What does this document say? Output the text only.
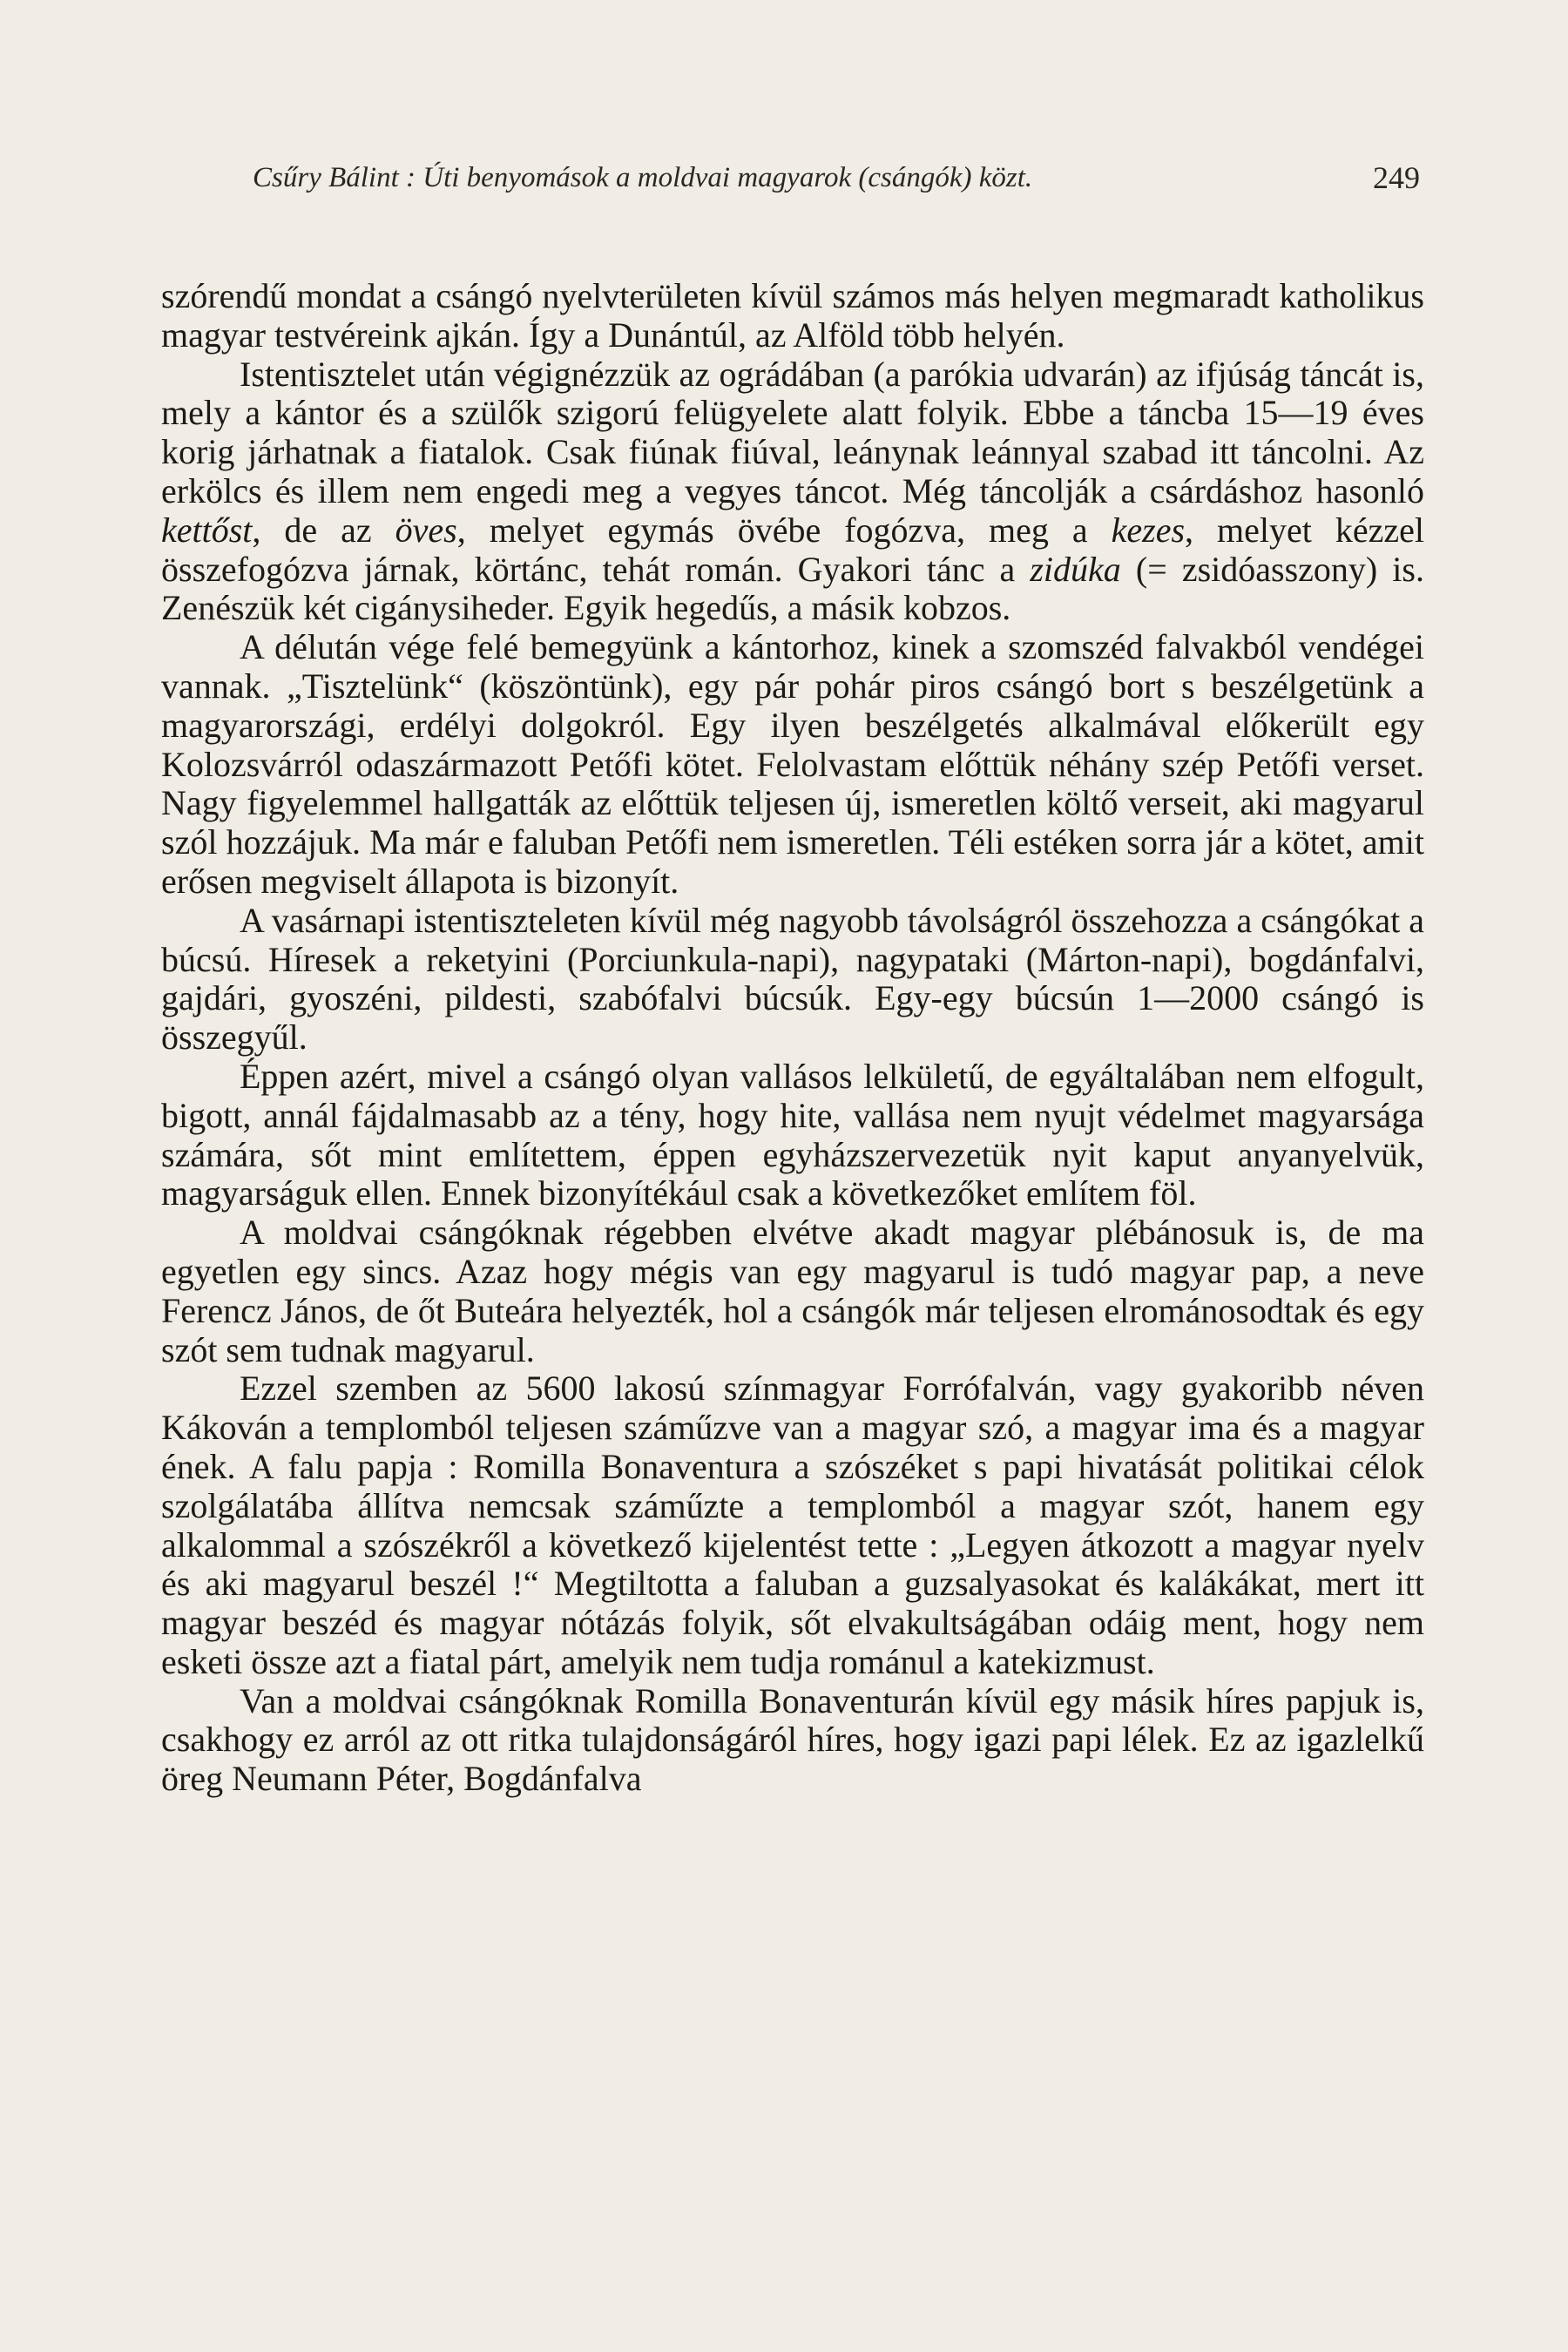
Csűry Bálint : Úti benyomások a moldvai magyarok (csángók) közt.	249

szórendű mondat a csángó nyelvterületen kívül számos más helyen megmaradt katholikus magyar testvéreink ajkán. Így a Dunántúl, az Alföld több helyén.

Istentisztelet után végignézzük az ográdában (a parókia udvarán) az ifjúság táncát is, mely a kántor és a szülők szigorú felügyelete alatt folyik. Ebbe a táncba 15—19 éves korig járhatnak a fiatalok. Csak fiúnak fiúval, leánynak leánnyal szabad itt táncolni. Az erkölcs és illem nem engedi meg a vegyes táncot. Még táncolják a csárdáshoz hasonló kettőst, de az öves, melyet egymás övébe fogózva, meg a kezes, melyet kézzel összefogózva járnak, körtánc, tehát román. Gyakori tánc a zidúka (= zsidóasszony) is. Zenészük két cigánysiheder. Egyik hegedűs, a másik kobzos.

A délután vége felé bemegyünk a kántorhoz, kinek a szomszéd falvakból vendégei vannak. „Tisztelünk“ (köszöntünk), egy pár pohár piros csángó bort s beszélgetünk a magyarországi, erdélyi dolgokról. Egy ilyen beszélgetés alkalmával előkerült egy Kolozsvárról odaszármazott Petőfi kötet. Felolvastam előttük néhány szép Petőfi verset. Nagy figyelemmel hallgatták az előttük teljesen új, ismeretlen költő verseit, aki magyarul szól hozzájuk. Ma már e faluban Petőfi nem ismeretlen. Téli estéken sorra jár a kötet, amit erősen megviselt állapota is bizonyít.

A vasárnapi istentiszteleten kívül még nagyobb távolságról összehozza a csángókat a búcsú. Híresek a reketyini (Porciunkula-napi), nagypataki (Márton-napi), bogdánfalvi, gajdári, gyoszéni, pildesti, szabófalvi búcsúk. Egy-egy búcsún 1—2000 csángó is összegyűl.

Éppen azért, mivel a csángó olyan vallásos lelkületű, de egyáltalában nem elfogult, bigott, annál fájdalmasabb az a tény, hogy hite, vallása nem nyujt védelmet magyarsága számára, sőt mint említettem, éppen egyházszervezetük nyit kaput anyanyelvük, magyarságuk ellen. Ennek bizonyítékául csak a következőket említem föl.

A moldvai csángóknak régebben elvétve akadt magyar plébánosuk is, de ma egyetlen egy sincs. Azaz hogy mégis van egy magyarul is tudó magyar pap, a neve Ferencz János, de őt Buteára helyezték, hol a csángók már teljesen elrománosodtak és egy szót sem tudnak magyarul.

Ezzel szemben az 5600 lakosú színmagyar Forrófalván, vagy gyakoribb néven Kákován a templomból teljesen száműzve van a magyar szó, a magyar ima és a magyar ének. A falu papja : Romilla Bonaventura a szószéket s papi hivatását politikai célok szolgálatába állítva nemcsak száműzte a templomból a magyar szót, hanem egy alkalommal a szószékről a következő kijelentést tette : „Legyen átkozott a magyar nyelv és aki magyarul beszél !“ Megtiltotta a faluban a guzsalyasokat és kalákákat, mert itt magyar beszéd és magyar nótázás folyik, sőt elvakultságában odáig ment, hogy nem esketi össze azt a fiatal párt, amelyik nem tudja románul a katekizmust.

Van a moldvai csángóknak Romilla Bonaventurán kívül egy másik híres papjuk is, csakhogy ez arról az ott ritka tulajdonságáról híres, hogy igazi papi lélek. Ez az igazlelkű öreg Neumann Péter, Bogdánfalva
